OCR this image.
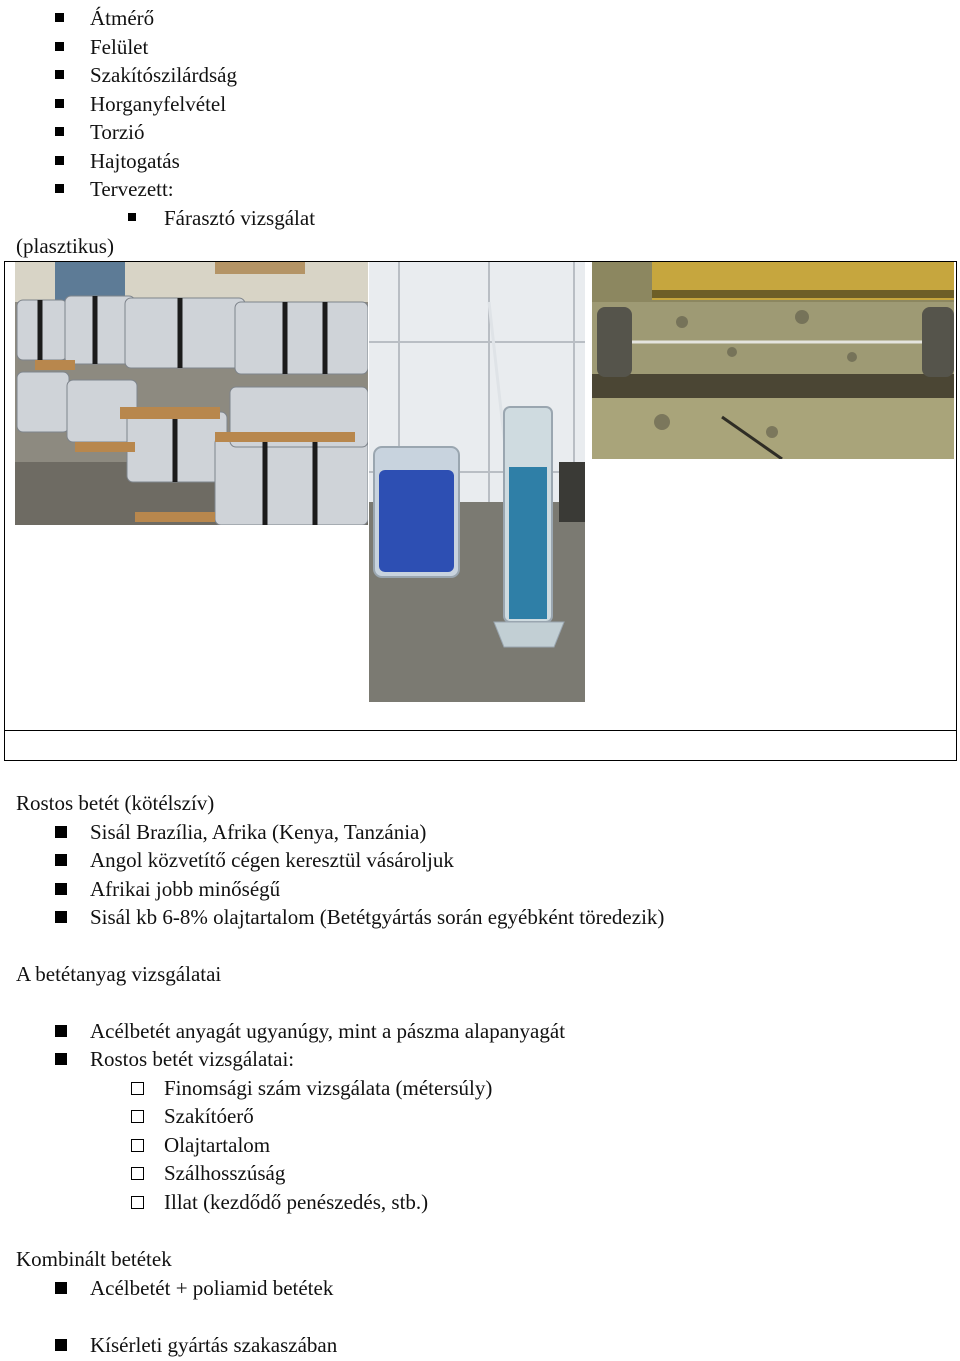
Átmérő
Felület
Szakítószilárdság
Horganyfelvétel
Torzió
Hajtogatás
Tervezett:
Fárasztó vizsgálat
(plasztikus)
Rostos betét (kötélszív)
Sisál Brazília, Afrika (Kenya, Tanzánia)
Angol közvetítő cégen keresztül vásároljuk
Afrikai jobb minőségű
Sisál kb 6-8% olajtartalom (Betétgyártás során egyébként töredezik)
A betétanyag vizsgálatai
Acélbetét anyagát ugyanúgy, mint a pászma alapanyagát
Rostos betét vizsgálatai:
Finomsági szám vizsgálata (métersúly)
Szakítóerő
Olajtartalom
Szálhosszúság
Illat (kezdődő penészedés, stb.)
Kombinált betétek
Acélbetét + poliamid betétek
Kísérleti gyártás szakaszában
